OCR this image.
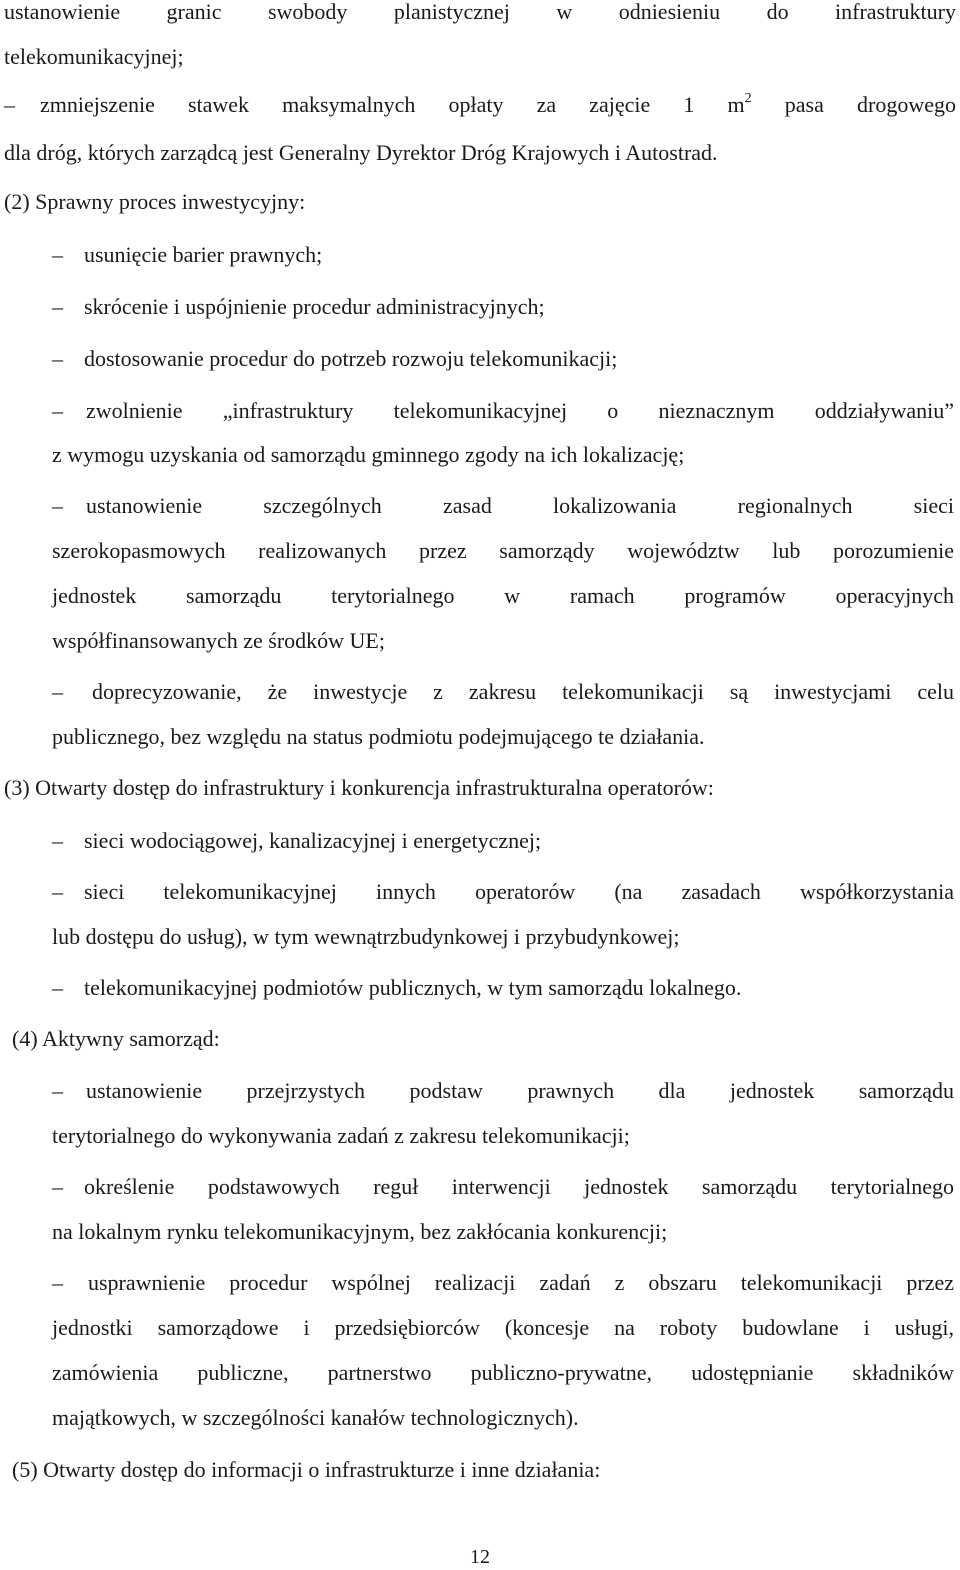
ustanowienie granic swobody planistycznej w odniesieniu do infrastruktury
telekomunikacyjnej;
– zmniejszenie stawek maksymalnych opłaty za zajęcie 1 $m^2$ pasa drogowego
dla dróg, których zarządcą jest Generalny Dyrektor Dróg Krajowych i Autostrad.
(2) Sprawny proces inwestycyjny:
– usunięcie barier prawnych;
– skrócenie i uspójnienie procedur administracyjnych;
– dostosowanie procedur do potrzeb rozwoju telekomunikacji;
– zwolnienie „infrastruktury telekomunikacyjnej o nieznacznym oddziaływaniu”
z wymogu uzyskania od samorządu gminnego zgody na ich lokalizację;
– ustanowienie szczególnych zasad lokalizowania regionalnych sieci
szerokopasmowych realizowanych przez samorządy województw lub porozumienie
jednostek samorządu terytorialnego w ramach programów operacyjnych
współfinansowanych ze środków UE;
– doprecyzowanie, że inwestycje z zakresu telekomunikacji są inwestycjami celu
publicznego, bez względu na status podmiotu podejmującego te działania.
(3) Otwarty dostęp do infrastruktury i konkurencja infrastrukturalna operatorów:
– sieci wodociągowej, kanalizacyjnej i energetycznej;
– sieci telekomunikacyjnej innych operatorów (na zasadach współkorzystania
lub dostępu do usług), w tym wewnątrzbudynkowej i przybudynkowej;
– telekomunikacyjnej podmiotów publicznych, w tym samorządu lokalnego.
(4) Aktywny samorząd:
– ustanowienie przejrzystych podstaw prawnych dla jednostek samorządu
terytorialnego do wykonywania zadań z zakresu telekomunikacji;
– określenie podstawowych reguł interwencji jednostek samorządu terytorialnego
na lokalnym rynku telekomunikacyjnym, bez zakłócania konkurencji;
– usprawnienie procedur wspólnej realizacji zadań z obszaru telekomunikacji przez
jednostki samorządowe i przedsiębiorców (koncesje na roboty budowlane i usługi,
zamówienia publiczne, partnerstwo publiczno-prywatne, udostępnianie składników
majątkowych, w szczególności kanałów technologicznych).
(5) Otwarty dostęp do informacji o infrastrukturze i inne działania:
12
